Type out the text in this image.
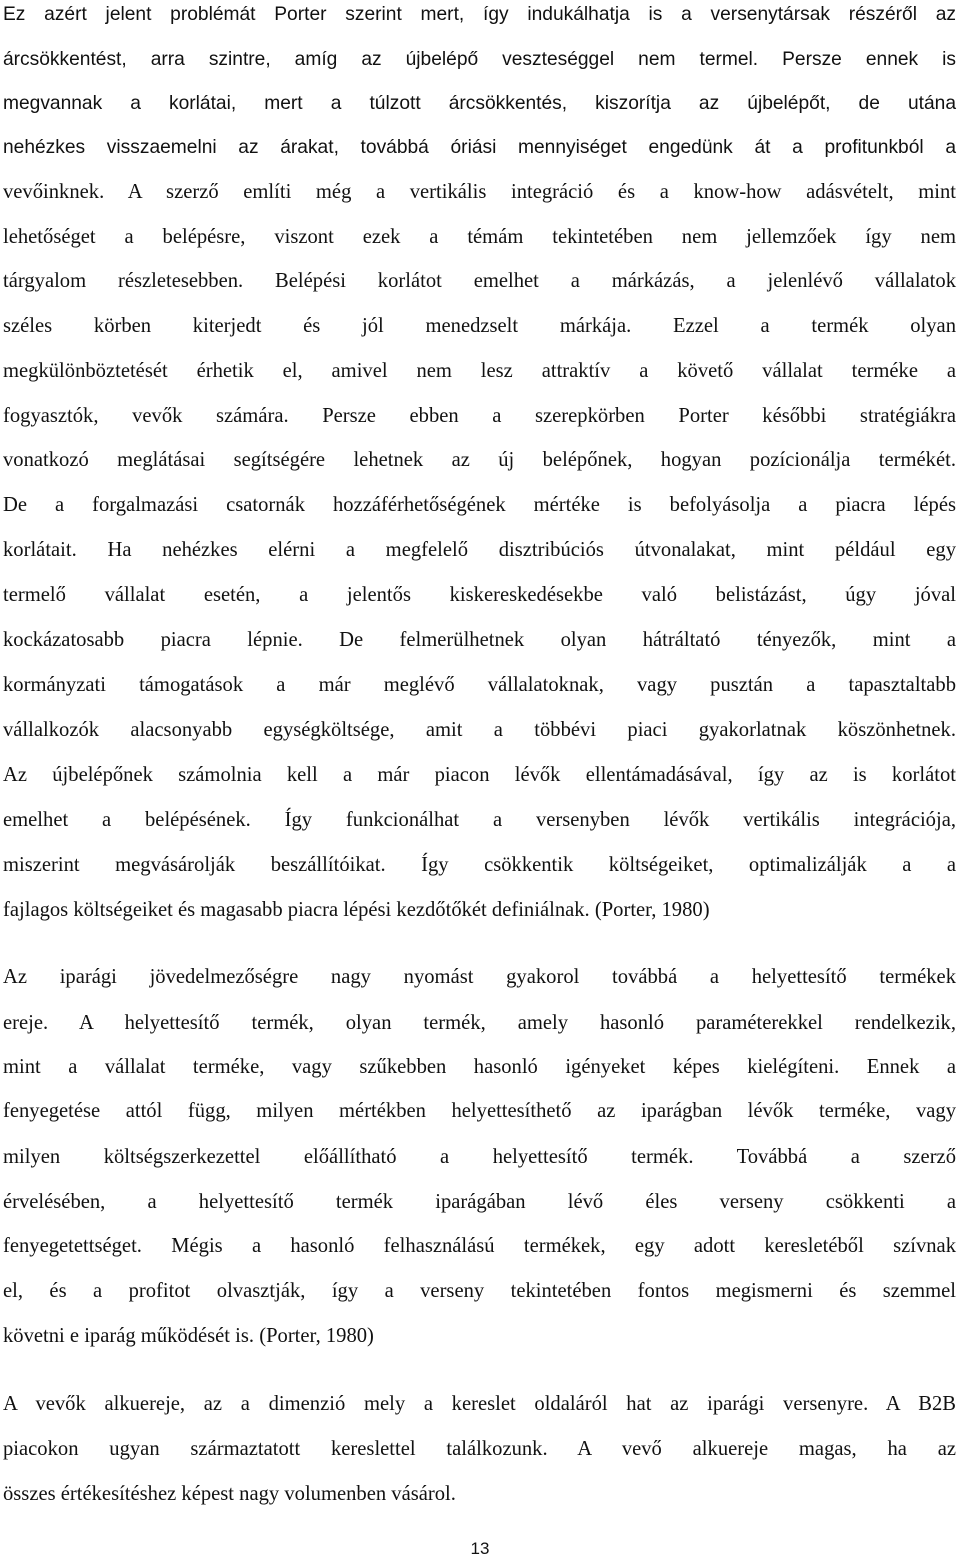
Ez azért jelent problémát Porter szerint mert, így indukálhatja is a versenytársak részéről az
árcsökkentést, arra szintre, amíg az újbelépő veszteséggel nem termel. Persze ennek is
megvannak a korlátai, mert a túlzott árcsökkentés, kiszorítja az újbelépőt, de utána
nehézkes visszaemelni az árakat, továbbá óriási mennyiséget engedünk át a profitunkból a
vevőinknek. A szerző említi még a vertikális integráció és a know-how adásvételt, mint
lehetőséget a belépésre, viszont ezek a témám tekintetében nem jellemzőek így nem
tárgyalom részletesebben. Belépési korlátot emelhet a márkázás, a jelenlévő vállalatok
széles körben kiterjedt és jól menedzselt márkája. Ezzel a termék olyan
megkülönböztetését érhetik el, amivel nem lesz attraktív a követő vállalat terméke a
fogyasztók, vevők számára. Persze ebben a szerepkörben Porter későbbi stratégiákra
vonatkozó meglátásai segítségére lehetnek az új belépőnek, hogyan pozícionálja termékét.
De a forgalmazási csatornák hozzáférhetőségének mértéke is befolyásolja a piacra lépés
korlátait. Ha nehézkes elérni a megfelelő disztribúciós útvonalakat, mint például egy
termelő vállalat esetén, a jelentős kiskereskedésekbe való belistázást, úgy jóval
kockázatosabb piacra lépnie. De felmerülhetnek olyan hátráltató tényezők, mint a
kormányzati támogatások a már meglévő vállalatoknak, vagy pusztán a tapasztaltabb
vállalkozók alacsonyabb egységköltsége, amit a többévi piaci gyakorlatnak köszönhetnek.
Az újbelépőnek számolnia kell a már piacon lévők ellentámadásával, így az is korlátot
emelhet a belépésének. Így funkcionálhat a versenyben lévők vertikális integrációja,
miszerint megvásárolják beszállítóikat. Így csökkentik költségeiket, optimalizálják a a
fajlagos költségeiket és magasabb piacra lépési kezdőtőkét definiálnak. (Porter, 1980)
Az iparági jövedelmezőségre nagy nyomást gyakorol továbbá a helyettesítő termékek
ereje. A helyettesítő termék, olyan termék, amely hasonló paraméterekkel rendelkezik,
mint a vállalat terméke, vagy szűkebben hasonló igényeket képes kielégíteni. Ennek a
fenyegetése attól függ, milyen mértékben helyettesíthető az iparágban lévők terméke, vagy
milyen költségszerkezettel előállítható a helyettesítő termék. Továbbá a szerző
érvelésében, a helyettesítő termék iparágában lévő éles verseny csökkenti a
fenyegetettséget. Mégis a hasonló felhasználású termékek, egy adott keresletéből szívnak
el, és a profitot olvasztják, így a verseny tekintetében fontos megismerni és szemmel
követni e iparág működését is. (Porter, 1980)
A vevők alkuereje, az a dimenzió mely a kereslet oldaláról hat az iparági versenyre. A B2B
piacokon ugyan származtatott kereslettel találkozunk. A vevő alkuereje magas, ha az
összes értékesítéshez képest nagy volumenben vásárol.
13
